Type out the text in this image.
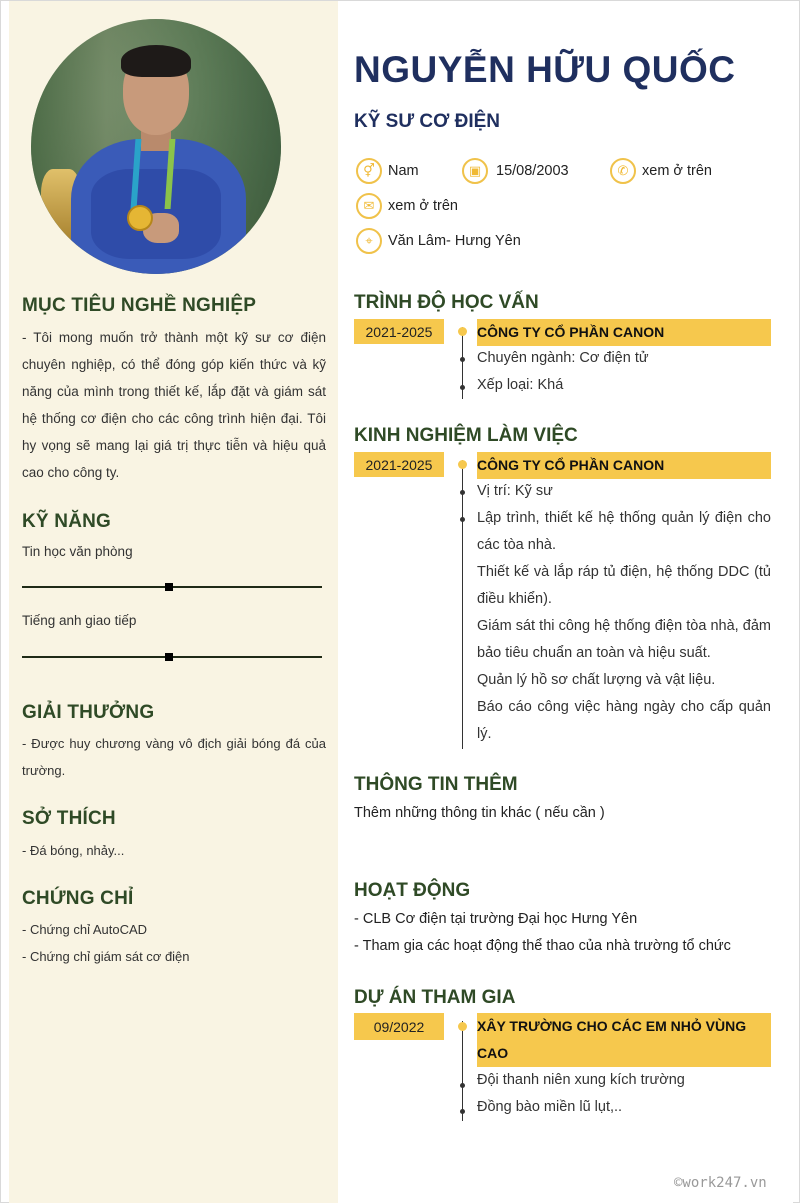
MỤC TIÊU NGHỀ NGHIỆP
- Tôi mong muốn trở thành một kỹ sư cơ điện chuyên nghiệp, có thể đóng góp kiến thức và kỹ năng của mình trong thiết kế, lắp đặt và giám sát hệ thống cơ điện cho các công trình hiện đại. Tôi hy vọng sẽ mang lại giá trị thực tiễn và hiệu quả cao cho công ty.
KỸ NĂNG
Tin học văn phòng
Tiếng anh giao tiếp
GIẢI THƯỞNG
- Được huy chương vàng vô địch giải bóng đá của trường.
SỞ THÍCH
- Đá bóng, nhảy...
CHỨNG CHỈ
- Chứng chỉ AutoCAD
- Chứng chỉ giám sát cơ điện
NGUYỄN HỮU QUỐC
KỸ SƯ CƠ ĐIỆN
⚥ Nam	▣	15/08/2003	✆ xem ở trên
✉ xem ở trên
⌖	Văn Lâm- Hưng Yên
TRÌNH ĐỘ HỌC VẤN
2021-2025	CÔNG TY CỔ PHẦN CANON
Chuyên ngành: Cơ điện tử
Xếp loại: Khá
KINH NGHIỆM LÀM VIỆC
2021-2025	CÔNG TY CỔ PHẦN CANON
Vị trí: Kỹ sư
Lập trình, thiết kế hệ thống quản lý điện cho các tòa nhà.
Thiết kế và lắp ráp tủ điện, hệ thống DDC (tủ điều khiển).
Giám sát thi công hệ thống điện tòa nhà, đảm bảo tiêu chuẩn an toàn và hiệu suất.
Quản lý hồ sơ chất lượng và vật liệu.
Báo cáo công việc hàng ngày cho cấp quản lý.
THÔNG TIN THÊM
Thêm những thông tin khác ( nếu cần )
HOẠT ĐỘNG
- CLB Cơ điện tại trường Đại học Hưng Yên
- Tham gia các hoạt động thể thao của nhà trường tổ chức
DỰ ÁN THAM GIA
09/2022	XÂY TRƯỜNG CHO CÁC EM NHỎ VÙNG CAO
Đội thanh niên xung kích trường
Đồng bào miền lũ lụt,..
©work247.vn
